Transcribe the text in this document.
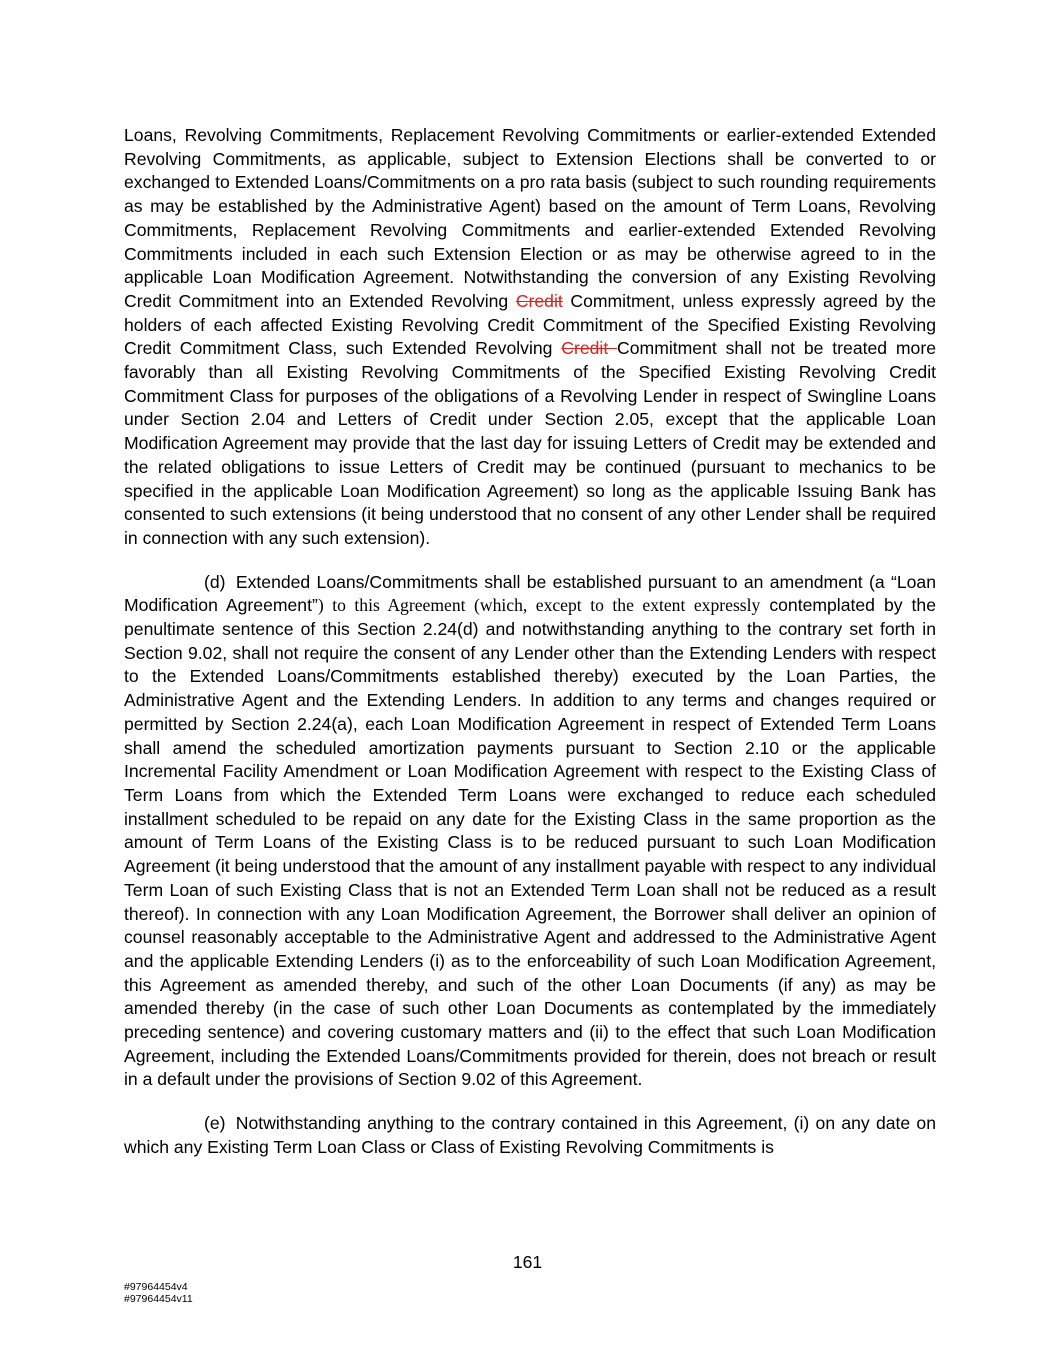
Loans, Revolving Commitments, Replacement Revolving Commitments or earlier-extended Extended Revolving Commitments, as applicable, subject to Extension Elections shall be converted to or exchanged to Extended Loans/Commitments on a pro rata basis (subject to such rounding requirements as may be established by the Administrative Agent) based on the amount of Term Loans, Revolving Commitments, Replacement Revolving Commitments and earlier-extended Extended Revolving Commitments included in each such Extension Election or as may be otherwise agreed to in the applicable Loan Modification Agreement. Notwithstanding the conversion of any Existing Revolving Credit Commitment into an Extended Revolving Credit Commitment, unless expressly agreed by the holders of each affected Existing Revolving Credit Commitment of the Specified Existing Revolving Credit Commitment Class, such Extended Revolving Credit Commitment shall not be treated more favorably than all Existing Revolving Commitments of the Specified Existing Revolving Credit Commitment Class for purposes of the obligations of a Revolving Lender in respect of Swingline Loans under Section 2.04 and Letters of Credit under Section 2.05, except that the applicable Loan Modification Agreement may provide that the last day for issuing Letters of Credit may be extended and the related obligations to issue Letters of Credit may be continued (pursuant to mechanics to be specified in the applicable Loan Modification Agreement) so long as the applicable Issuing Bank has consented to such extensions (it being understood that no consent of any other Lender shall be required in connection with any such extension).

(d) Extended Loans/Commitments shall be established pursuant to an amendment (a “Loan Modification Agreement”) to this Agreement (which, except to the extent expressly contemplated by the penultimate sentence of this Section 2.24(d) and notwithstanding anything to the contrary set forth in Section 9.02, shall not require the consent of any Lender other than the Extending Lenders with respect to the Extended Loans/Commitments established thereby) executed by the Loan Parties, the Administrative Agent and the Extending Lenders. In addition to any terms and changes required or permitted by Section 2.24(a), each Loan Modification Agreement in respect of Extended Term Loans shall amend the scheduled amortization payments pursuant to Section 2.10 or the applicable Incremental Facility Amendment or Loan Modification Agreement with respect to the Existing Class of Term Loans from which the Extended Term Loans were exchanged to reduce each scheduled installment scheduled to be repaid on any date for the Existing Class in the same proportion as the amount of Term Loans of the Existing Class is to be reduced pursuant to such Loan Modification Agreement (it being understood that the amount of any installment payable with respect to any individual Term Loan of such Existing Class that is not an Extended Term Loan shall not be reduced as a result thereof). In connection with any Loan Modification Agreement, the Borrower shall deliver an opinion of counsel reasonably acceptable to the Administrative Agent and addressed to the Administrative Agent and the applicable Extending Lenders (i) as to the enforceability of such Loan Modification Agreement, this Agreement as amended thereby, and such of the other Loan Documents (if any) as may be amended thereby (in the case of such other Loan Documents as contemplated by the immediately preceding sentence) and covering customary matters and (ii) to the effect that such Loan Modification Agreement, including the Extended Loans/Commitments provided for therein, does not breach or result in a default under the provisions of Section 9.02 of this Agreement.

(e) Notwithstanding anything to the contrary contained in this Agreement, (i) on any date on which any Existing Term Loan Class or Class of Existing Revolving Commitments is

161
#97964454v4
#97964454v11
